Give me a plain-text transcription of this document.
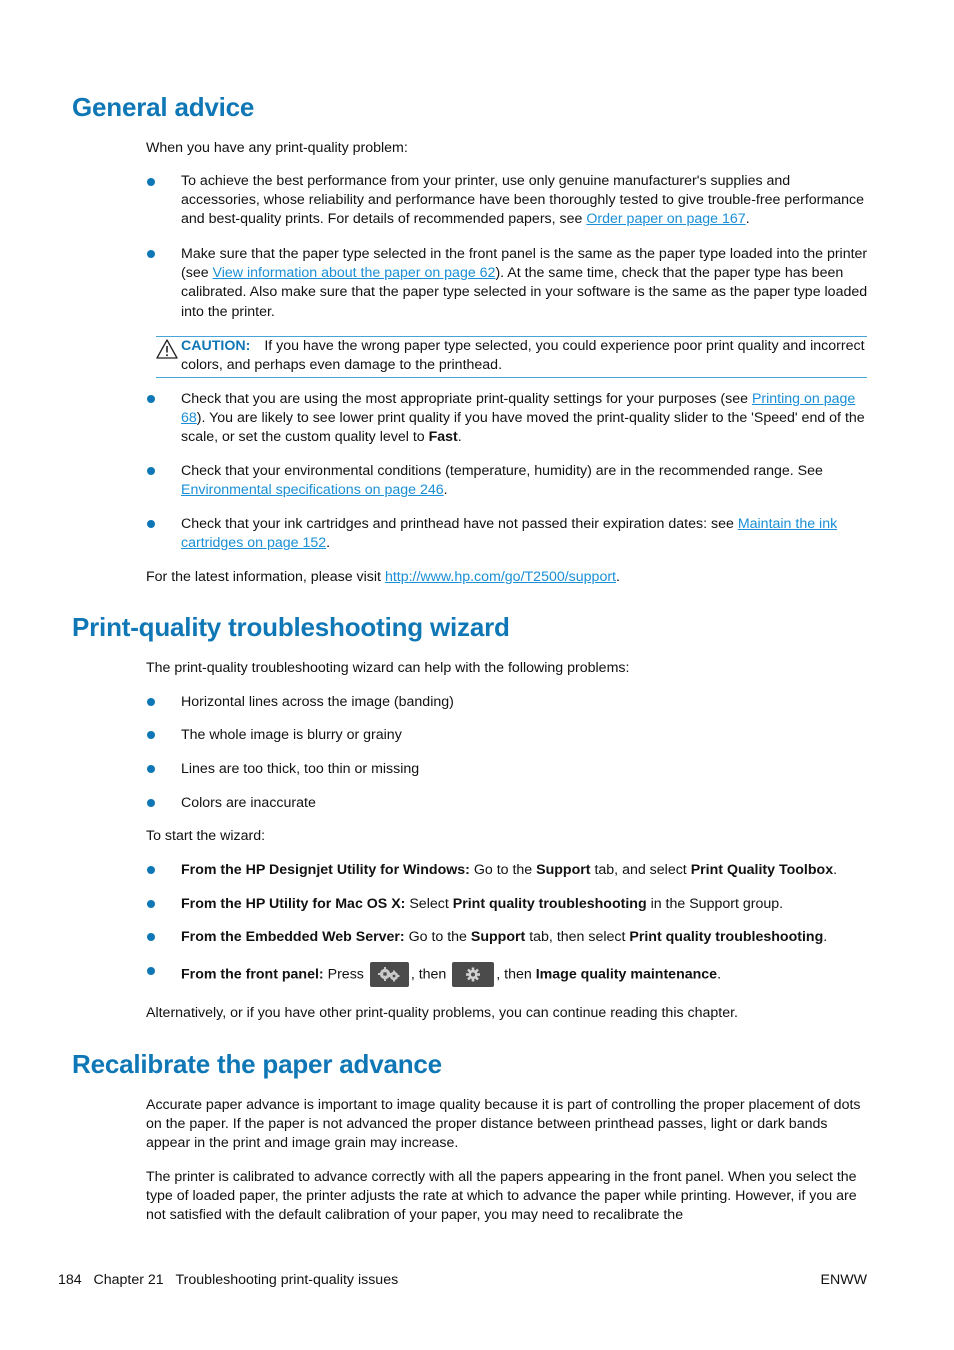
General advice

When you have any print-quality problem:

To achieve the best performance from your printer, use only genuine manufacturer's supplies and accessories, whose reliability and performance have been thoroughly tested to give trouble-free performance and best-quality prints. For details of recommended papers, see Order paper on page 167.

Make sure that the paper type selected in the front panel is the same as the paper type loaded into the printer (see View information about the paper on page 62). At the same time, check that the paper type has been calibrated. Also make sure that the paper type selected in your software is the same as the paper type loaded into the printer.

CAUTION: If you have the wrong paper type selected, you could experience poor print quality and incorrect colors, and perhaps even damage to the printhead.

Check that you are using the most appropriate print-quality settings for your purposes (see Printing on page 68). You are likely to see lower print quality if you have moved the print-quality slider to the 'Speed' end of the scale, or set the custom quality level to Fast.

Check that your environmental conditions (temperature, humidity) are in the recommended range. See Environmental specifications on page 246.

Check that your ink cartridges and printhead have not passed their expiration dates: see Maintain the ink cartridges on page 152.

For the latest information, please visit http://www.hp.com/go/T2500/support.

Print-quality troubleshooting wizard

The print-quality troubleshooting wizard can help with the following problems:

Horizontal lines across the image (banding)

The whole image is blurry or grainy

Lines are too thick, too thin or missing

Colors are inaccurate

To start the wizard:

From the HP Designjet Utility for Windows: Go to the Support tab, and select Print Quality Toolbox.

From the HP Utility for Mac OS X: Select Print quality troubleshooting in the Support group.

From the Embedded Web Server: Go to the Support tab, then select Print quality troubleshooting.

From the front panel: Press	, then	, then Image quality maintenance.

Alternatively, or if you have other print-quality problems, you can continue reading this chapter.

Recalibrate the paper advance

Accurate paper advance is important to image quality because it is part of controlling the proper placement of dots on the paper. If the paper is not advanced the proper distance between printhead passes, light or dark bands appear in the print and image grain may increase.

The printer is calibrated to advance correctly with all the papers appearing in the front panel. When you select the type of loaded paper, the printer adjusts the rate at which to advance the paper while printing. However, if you are not satisfied with the default calibration of your paper, you may need to recalibrate the

184 Chapter 21 Troubleshooting print-quality issues	ENWW
